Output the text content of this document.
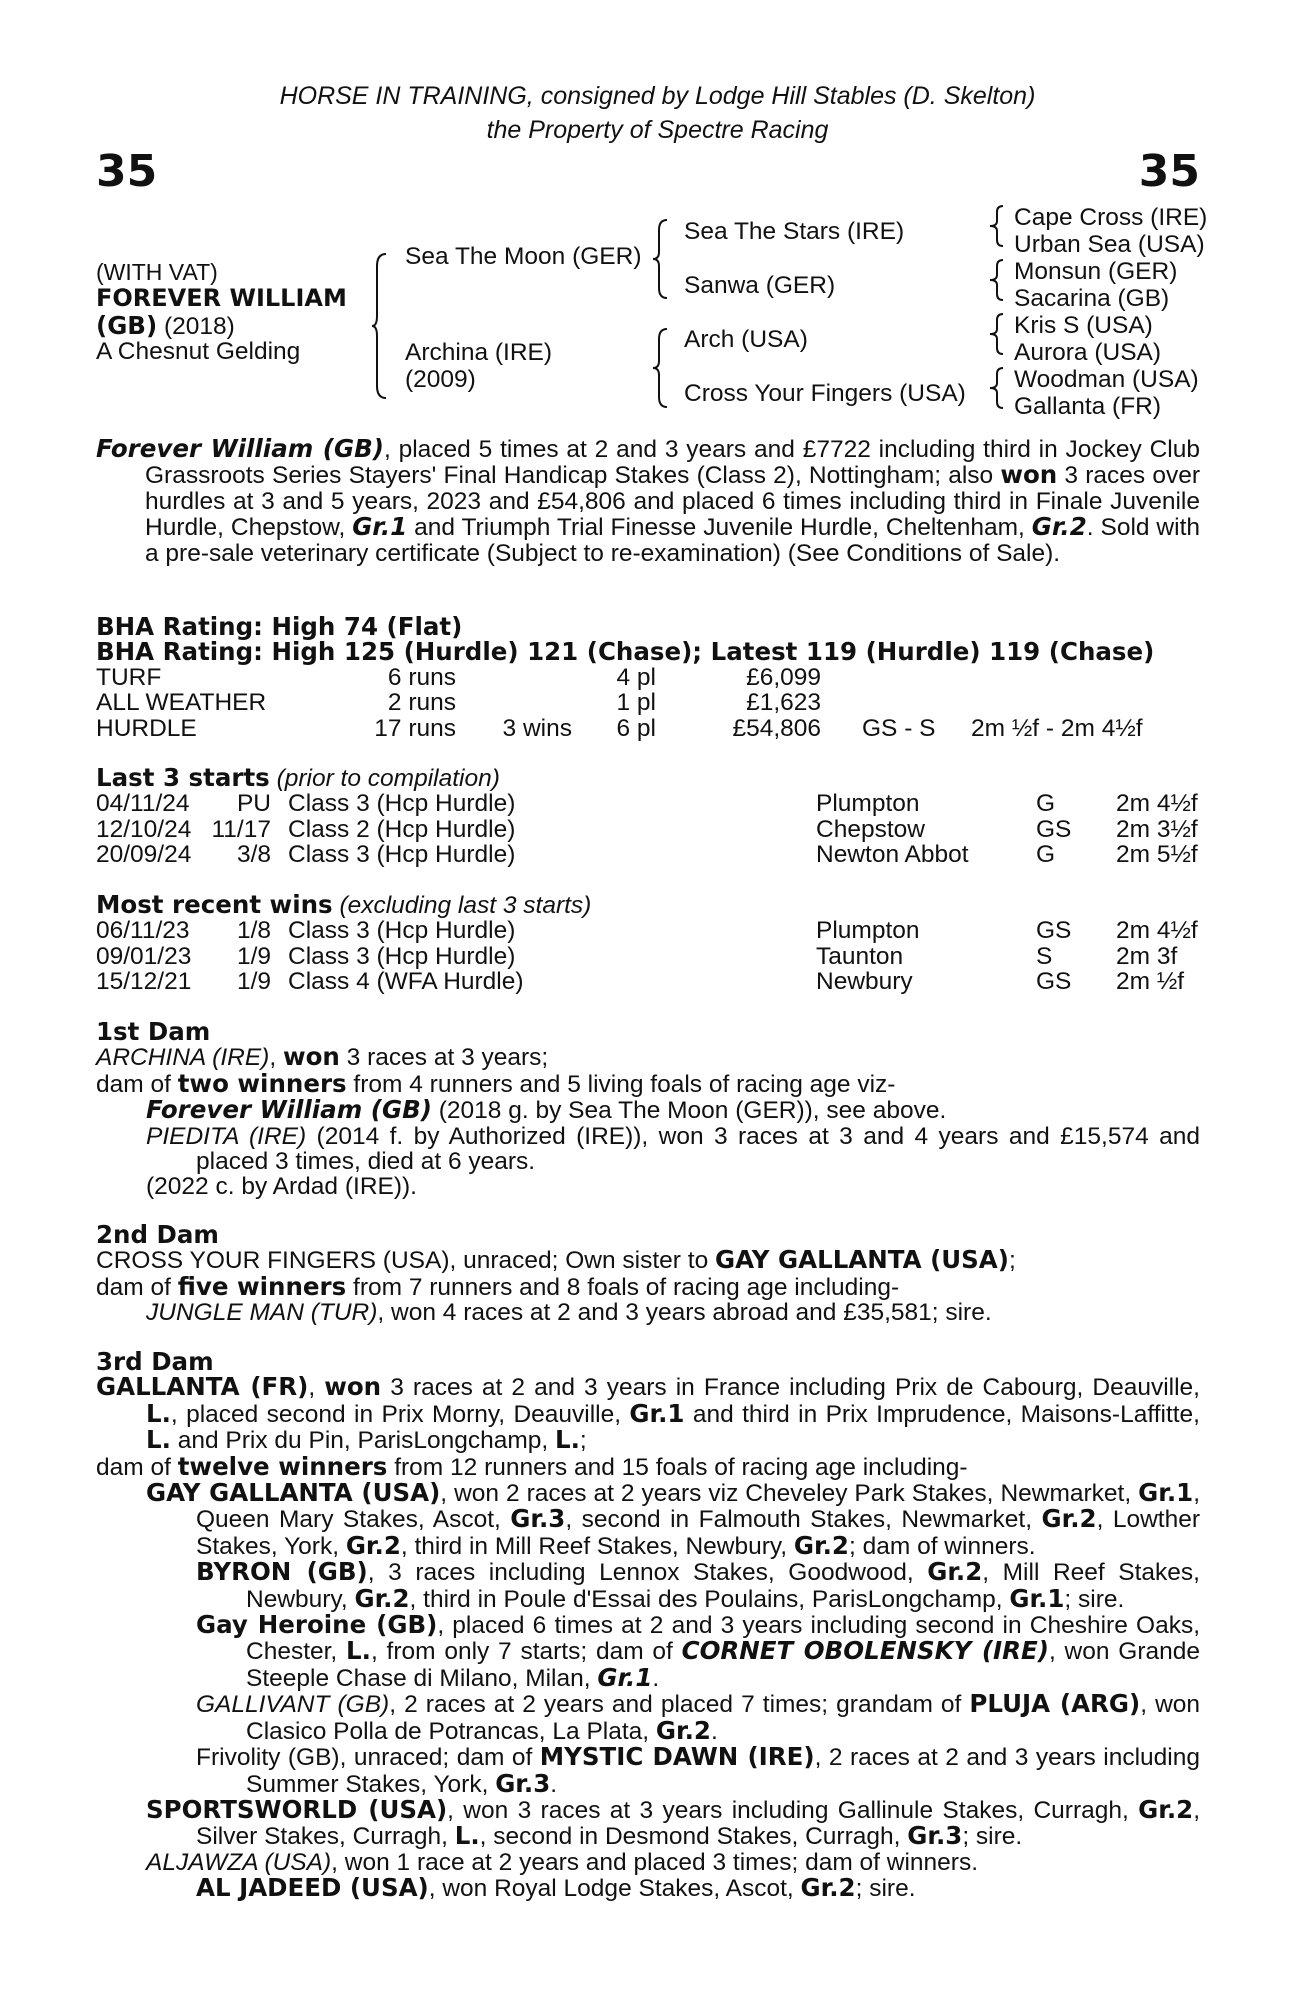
HORSE IN TRAINING, consigned by Lodge Hill Stables (D. Skelton)
the Property of Spectre Racing
35	35
(WITH VAT)
FOREVER WILLIAM
(GB) (2018)
A Chesnut Gelding
Sea The Moon (GER)
Archina (IRE)
(2009)
Sea The Stars (IRE)
Sanwa (GER)
Arch (USA)
Cross Your Fingers (USA)
Cape Cross (IRE)
Urban Sea (USA)
Monsun (GER)
Sacarina (GB)
Kris S (USA)
Aurora (USA)
Woodman (USA)
Gallanta (FR)
Forever William (GB), placed 5 times at 2 and 3 years and £7722 including third in Jockey Club Grassroots Series Stayers' Final Handicap Stakes (Class 2), Nottingham; also won 3 races over hurdles at 3 and 5 years, 2023 and £54,806 and placed 6 times including third in Finale Juvenile Hurdle, Chepstow, Gr.1 and Triumph Trial Finesse Juvenile Hurdle, Cheltenham, Gr.2. Sold with a pre-sale veterinary certificate (Subject to re-examination) (See Conditions of Sale).
BHA Rating: High 74 (Flat)
BHA Rating: High 125 (Hurdle) 121 (Chase); Latest 119 (Hurdle) 119 (Chase)
TURF	6 runs	4 pl	£6,099
ALL WEATHER	2 runs	1 pl	£1,623
HURDLE	17 runs 3 wins 6 pl	£54,806 GS - S 2m ½f - 2m 4½f
Last 3 starts (prior to compilation)
04/11/24 PU Class 3 (Hcp Hurdle)	Plumpton	G 2m 4½f
12/10/24 11/17 Class 2 (Hcp Hurdle)	Chepstow	GS 2m 3½f
20/09/24 3/8 Class 3 (Hcp Hurdle)	Newton Abbot	G 2m 5½f
Most recent wins (excluding last 3 starts)
06/11/23 1/8 Class 3 (Hcp Hurdle)	Plumpton	GS 2m 4½f
09/01/23 1/9 Class 3 (Hcp Hurdle)	Taunton	S	2m 3f
15/12/21 1/9 Class 4 (WFA Hurdle)	Newbury	GS 2m ½f
1st Dam
ARCHINA (IRE), won 3 races at 3 years;
dam of two winners from 4 runners and 5 living foals of racing age viz-
Forever William (GB) (2018 g. by Sea The Moon (GER)), see above.
PIEDITA (IRE) (2014 f. by Authorized (IRE)), won 3 races at 3 and 4 years and £15,574 and placed 3 times, died at 6 years.
(2022 c. by Ardad (IRE)).
2nd Dam
CROSS YOUR FINGERS (USA), unraced; Own sister to GAY GALLANTA (USA);
dam of five winners from 7 runners and 8 foals of racing age including-
JUNGLE MAN (TUR), won 4 races at 2 and 3 years abroad and £35,581; sire.
3rd Dam
GALLANTA (FR), won 3 races at 2 and 3 years in France including Prix de Cabourg, Deauville, L., placed second in Prix Morny, Deauville, Gr.1 and third in Prix Imprudence, Maisons-Laffitte, L. and Prix du Pin, ParisLongchamp, L.;
dam of twelve winners from 12 runners and 15 foals of racing age including-
GAY GALLANTA (USA), won 2 races at 2 years viz Cheveley Park Stakes, Newmarket, Gr.1, Queen Mary Stakes, Ascot, Gr.3, second in Falmouth Stakes, Newmarket, Gr.2, Lowther Stakes, York, Gr.2, third in Mill Reef Stakes, Newbury, Gr.2; dam of winners.
BYRON (GB), 3 races including Lennox Stakes, Goodwood, Gr.2, Mill Reef Stakes, Newbury, Gr.2, third in Poule d'Essai des Poulains, ParisLongchamp, Gr.1; sire.
Gay Heroine (GB), placed 6 times at 2 and 3 years including second in Cheshire Oaks, Chester, L., from only 7 starts; dam of CORNET OBOLENSKY (IRE), won Grande Steeple Chase di Milano, Milan, Gr.1.
GALLIVANT (GB), 2 races at 2 years and placed 7 times; grandam of PLUJA (ARG), won Clasico Polla de Potrancas, La Plata, Gr.2.
Frivolity (GB), unraced; dam of MYSTIC DAWN (IRE), 2 races at 2 and 3 years including Summer Stakes, York, Gr.3.
SPORTSWORLD (USA), won 3 races at 3 years including Gallinule Stakes, Curragh, Gr.2, Silver Stakes, Curragh, L., second in Desmond Stakes, Curragh, Gr.3; sire.
ALJAWZA (USA), won 1 race at 2 years and placed 3 times; dam of winners.
AL JADEED (USA), won Royal Lodge Stakes, Ascot, Gr.2; sire.
